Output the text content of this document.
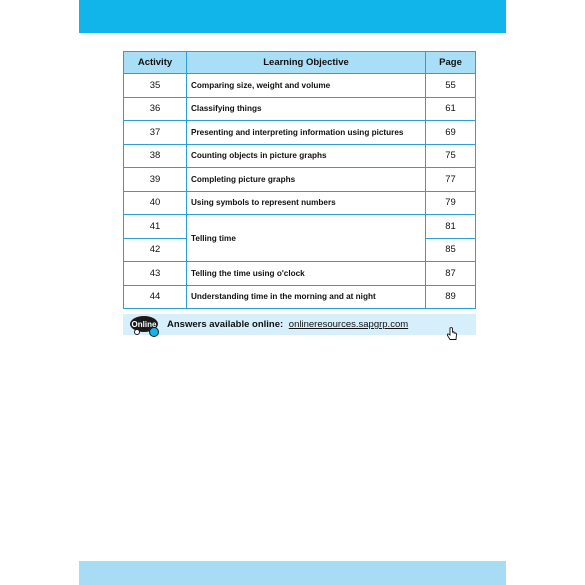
Activity	Learning Objective	Page
35	Comparing size, weight and volume	55
36	Classifying things	61
37	Presenting and interpreting information using pictures	69
38	Counting objects in picture graphs	75
39	Completing picture graphs	77
40	Using symbols to represent numbers	79
41	Telling time	81
42		85
43	Telling the time using o'clock	87
44	Understanding time in the morning and at night	89
Online Answers available online: onlineresources.sapgrp.com
